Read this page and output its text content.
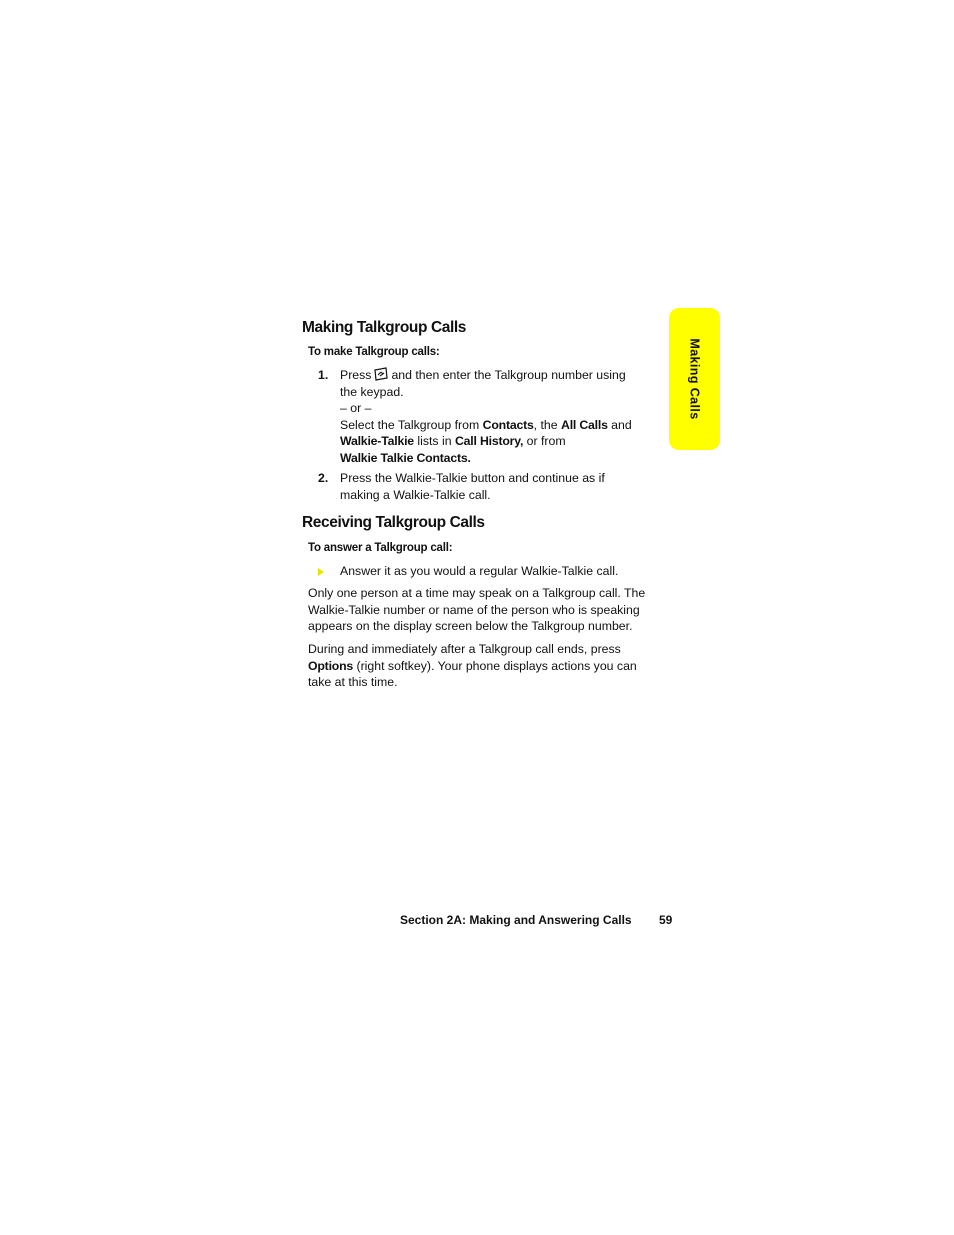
Making Calls
Making Talkgroup Calls
To make Talkgroup calls:
1. Press and then enter the Talkgroup number using
the keypad.
– or –
Select the Talkgroup from Contacts, the All Calls and
Walkie-Talkie lists in Call History, or from
Walkie Talkie Contacts.
2. Press the Walkie-Talkie button and continue as if
making a Walkie-Talkie call.
Receiving Talkgroup Calls
To answer a Talkgroup call:
Answer it as you would a regular Walkie-Talkie call.
Only one person at a time may speak on a Talkgroup call. The
Walkie-Talkie number or name of the person who is speaking
appears on the display screen below the Talkgroup number.
During and immediately after a Talkgroup call ends, press
Options (right softkey). Your phone displays actions you can
take at this time.
Section 2A: Making and Answering Calls 59
